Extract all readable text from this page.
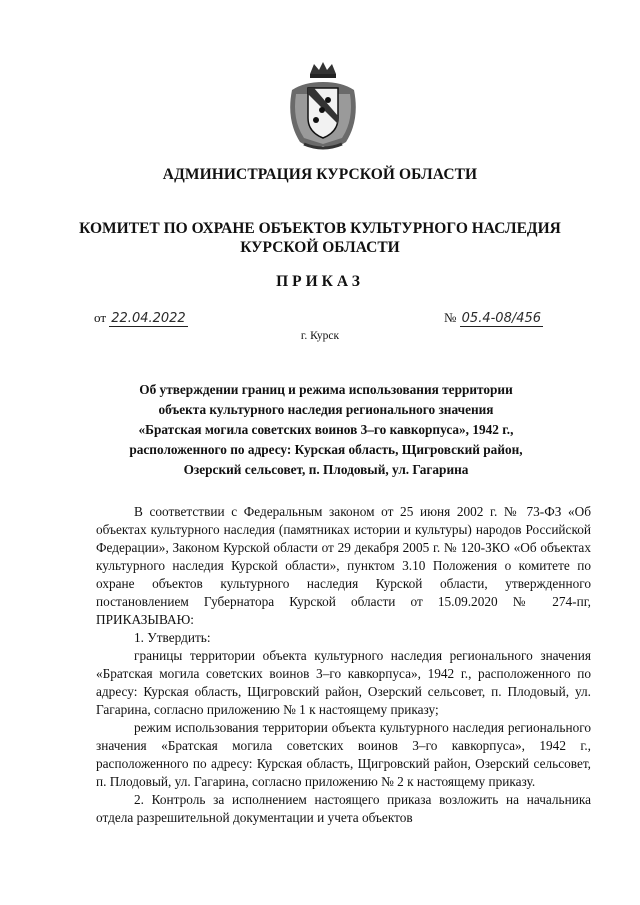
АДМИНИСТРАЦИЯ КУРСКОЙ ОБЛАСТИ
КОМИТЕТ ПО ОХРАНЕ ОБЪЕКТОВ КУЛЬТУРНОГО НАСЛЕДИЯ
КУРСКОЙ ОБЛАСТИ
ПРИКАЗ
от 22.04.2022	№ 05.4-08/456
г. Курск
Об утверждении границ и режима использования территории
объекта культурного наследия регионального значения
«Братская могила советских воинов 3–го кавкорпуса», 1942 г.,
расположенного по адресу: Курская область, Щигровский район,
Озерский сельсовет, п. Плодовый, ул. Гагарина

В соответствии с Федеральным законом от 25 июня 2002 г. № 73-ФЗ «Об объектах культурного наследия (памятниках истории и культуры) народов Российской Федерации», Законом Курской области от 29 декабря 2005 г. № 120-ЗКО «Об объектах культурного наследия Курской области», пунктом 3.10 Положения о комитете по охране объектов культурного наследия Курской области, утвержденного постановлением Губернатора Курской области от 15.09.2020 № 274-пг, ПРИКАЗЫВАЮ:

1. Утвердить:

границы территории объекта культурного наследия регионального значения «Братская могила советских воинов 3–го кавкорпуса», 1942 г., расположенного по адресу: Курская область, Щигровский район, Озерский сельсовет, п. Плодовый, ул. Гагарина, согласно приложению № 1 к настоящему приказу;

режим использования территории объекта культурного наследия регионального значения «Братская могила советских воинов 3–го кавкорпуса», 1942 г., расположенного по адресу: Курская область, Щигровский район, Озерский сельсовет, п. Плодовый, ул. Гагарина, согласно приложению № 2 к настоящему приказу.

2. Контроль за исполнением настоящего приказа возложить на начальника отдела разрешительной документации и учета объектов
